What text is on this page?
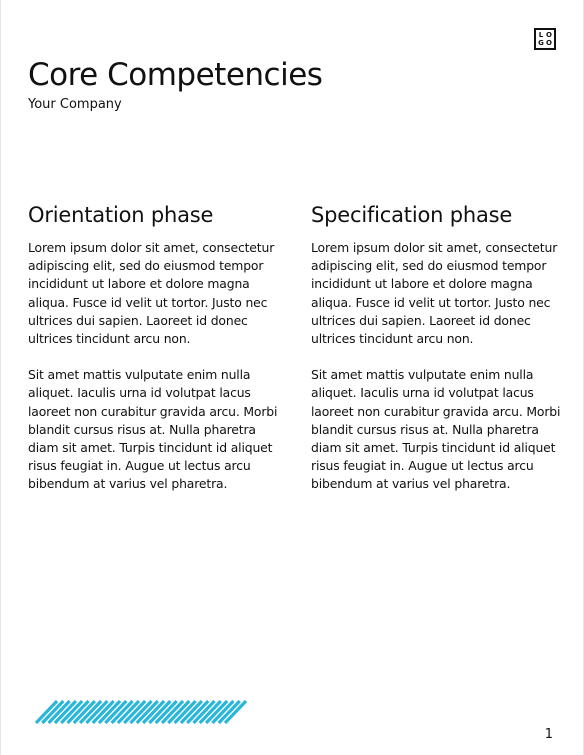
L O
G O
Core Competencies

Your Company

Orientation phase

Lorem ipsum dolor sit amet, consectetur adipiscing elit, sed do eiusmod tempor incididunt ut labore et dolore magna aliqua. Fusce id velit ut tortor. Justo nec ultrices dui sapien. Laoreet id donec ultrices tincidunt arcu non.

Sit amet mattis vulputate enim nulla aliquet. Iaculis urna id volutpat lacus laoreet non curabitur gravida arcu. Morbi blandit cursus risus at. Nulla pharetra diam sit amet. Turpis tincidunt id aliquet risus feugiat in. Augue ut lectus arcu bibendum at varius vel pharetra.

Specification phase

Lorem ipsum dolor sit amet, consectetur adipiscing elit, sed do eiusmod tempor incididunt ut labore et dolore magna aliqua. Fusce id velit ut tortor. Justo nec ultrices dui sapien. Laoreet id donec ultrices tincidunt arcu non.

Sit amet mattis vulputate enim nulla aliquet. Iaculis urna id volutpat lacus laoreet non curabitur gravida arcu. Morbi blandit cursus risus at. Nulla pharetra diam sit amet. Turpis tincidunt id aliquet risus feugiat in. Augue ut lectus arcu bibendum at varius vel pharetra.

1
